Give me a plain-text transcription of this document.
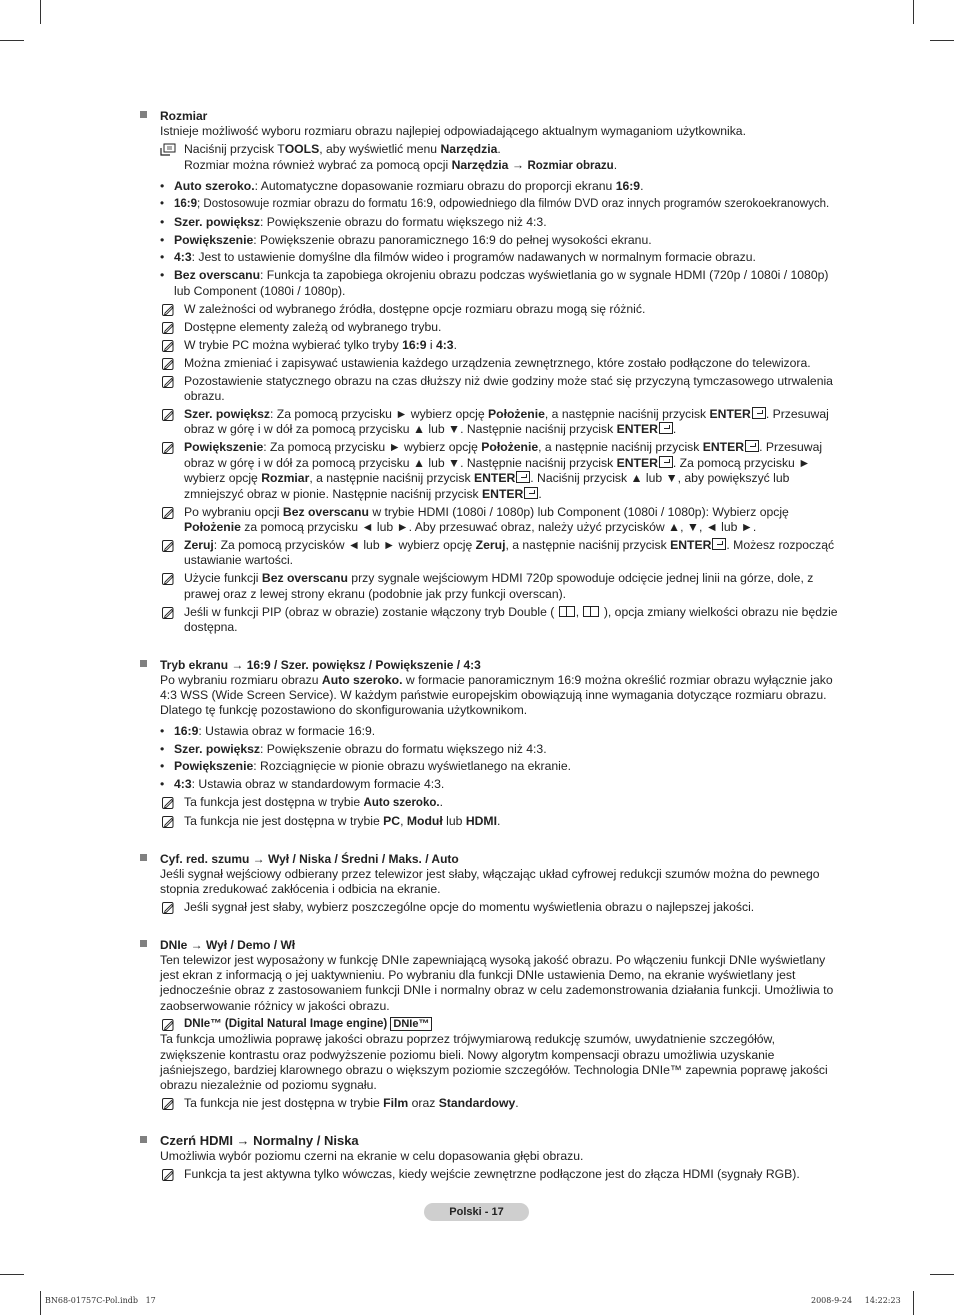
Rozmiar

Istnieje możliwość wyboru rozmiaru obrazu najlepiej odpowiadającego aktualnym wymaganiom użytkownika.

Naciśnij przycisk TOOLS, aby wyświetlić menu Narzędzia.

Rozmiar można również wybrać za pomocą opcji Narzędzia → Rozmiar obrazu.

• Auto szeroko.: Automatyczne dopasowanie rozmiaru obrazu do proporcji ekranu 16:9.
• 16:9; Dostosowuje rozmiar obrazu do formatu 16:9, odpowiedniego dla filmów DVD oraz innych programów szerokoekranowych.
• Szer. powiększ: Powiększenie obrazu do formatu większego niż 4:3.
• Powiększenie: Powiększenie obrazu panoramicznego 16:9 do pełnej wysokości ekranu.
• 4:3: Jest to ustawienie domyślne dla filmów wideo i programów nadawanych w normalnym formacie obrazu.
• Bez overscanu: Funkcja ta zapobiega okrojeniu obrazu podczas wyświetlania go w sygnale HDMI (720p / 1080i / 1080p) lub Component (1080i / 1080p).
W zależności od wybranego źródła, dostępne opcje rozmiaru obrazu mogą się różnić.
Dostępne elementy zależą od wybranego trybu.
W trybie PC można wybierać tylko tryby 16:9 i 4:3.
Można zmieniać i zapisywać ustawienia każdego urządzenia zewnętrznego, które zostało podłączone do telewizora.
Pozostawienie statycznego obrazu na czas dłuższy niż dwie godziny może stać się przyczyną tymczasowego utrwalenia obrazu.
Szer. powiększ: Za pomocą przycisku ► wybierz opcję Położenie, a następnie naciśnij przycisk ENTER . Przesuwaj obraz w górę i w dół za pomocą przycisku ▲ lub ▼. Następnie naciśnij przycisk ENTER .
Powiększenie: Za pomocą przycisku ► wybierz opcję Położenie, a następnie naciśnij przycisk ENTER . Przesuwaj obraz w górę i w dół za pomocą przycisku ▲ lub ▼. Następnie naciśnij przycisk ENTER . Za pomocą przycisku ► wybierz opcję Rozmiar, a następnie naciśnij przycisk ENTER . Naciśnij przycisk ▲ lub ▼, aby powiększyć lub zmniejszyć obraz w pionie. Następnie naciśnij przycisk ENTER .
Po wybraniu opcji Bez overscanu w trybie HDMI (1080i / 1080p) lub Component (1080i / 1080p): Wybierz opcję Położenie za pomocą przycisku ◄ lub ►. Aby przesuwać obraz, należy użyć przycisków ▲, ▼, ◄ lub ►.
Zeruj: Za pomocą przycisków ◄ lub ► wybierz opcję Zeruj, a następnie naciśnij przycisk ENTER . Możesz rozpocząć ustawianie wartości.
Użycie funkcji Bez overscanu przy sygnale wejściowym HDMI 720p spowoduje odcięcie jednej linii na górze, dole, z prawej oraz z lewej strony ekranu (podobnie jak przy funkcji overscan).
Jeśli w funkcji PIP (obraz w obrazie) zostanie włączony tryb Double ( ,  ), opcja zmiany wielkości obrazu nie będzie dostępna.
Tryb ekranu → 16:9 / Szer. powiększ / Powiększenie / 4:3

Po wybraniu rozmiaru obrazu Auto szeroko. w formacie panoramicznym 16:9 można określić rozmiar obrazu wyłącznie jako 4:3 WSS (Wide Screen Service). W każdym państwie europejskim obowiązują inne wymagania dotyczące rozmiaru obrazu. Dlatego tę funkcję pozostawiono do skonfigurowania użytkownikom.

• 16:9: Ustawia obraz w formacie 16:9.
• Szer. powiększ: Powiększenie obrazu do formatu większego niż 4:3.
• Powiększenie: Rozciągnięcie w pionie obrazu wyświetlanego na ekranie.
• 4:3: Ustawia obraz w standardowym formacie 4:3.
Ta funkcja jest dostępna w trybie Auto szeroko..
Ta funkcja nie jest dostępna w trybie PC, Moduł lub HDMI.
Cyf. red. szumu → Wył / Niska / Średni / Maks. / Auto

Jeśli sygnał wejściowy odbierany przez telewizor jest słaby, włączając układ cyfrowej redukcji szumów można do pewnego stopnia zredukować zakłócenia i odbicia na ekranie.

Jeśli sygnał jest słaby, wybierz poszczególne opcje do momentu wyświetlenia obrazu o najlepszej jakości.
DNIe → Wył / Demo / Wł

Ten telewizor jest wyposażony w funkcję DNIe zapewniającą wysoką jakość obrazu. Po włączeniu funkcji DNIe wyświetlany jest ekran z informacją o jej uaktywnieniu. Po wybraniu dla funkcji DNIe ustawienia Demo, na ekranie wyświetlany jest jednocześnie obraz z zastosowaniem funkcji DNIe i normalny obraz w celu zademonstrowania działania funkcji. Umożliwia to zaobserwowanie różnicy w jakości obrazu.

DNIe™ (Digital Natural Image engine) DNIe™

Ta funkcja umożliwia poprawę jakości obrazu poprzez trójwymiarową redukcję szumów, uwydatnienie szczegółów, zwiększenie kontrastu oraz podwyższenie poziomu bieli. Nowy algorytm kompensacji obrazu umożliwia uzyskanie jaśniejszego, bardziej klarownego obrazu o większym poziomie szczegółów. Technologia DNIe™ zapewnia poprawę jakości obrazu niezależnie od poziomu sygnału.

Ta funkcja nie jest dostępna w trybie Film oraz Standardowy.
Czerń HDMI → Normalny / Niska

Umożliwia wybór poziomu czerni na ekranie w celu dopasowania głębi obrazu.

Funkcja ta jest aktywna tylko wówczas, kiedy wejście zewnętrzne podłączone jest do złącza HDMI (sygnały RGB).
Polski - 17
BN68-01757C-Pol.indb   17	2008-9-24     14:22:23
